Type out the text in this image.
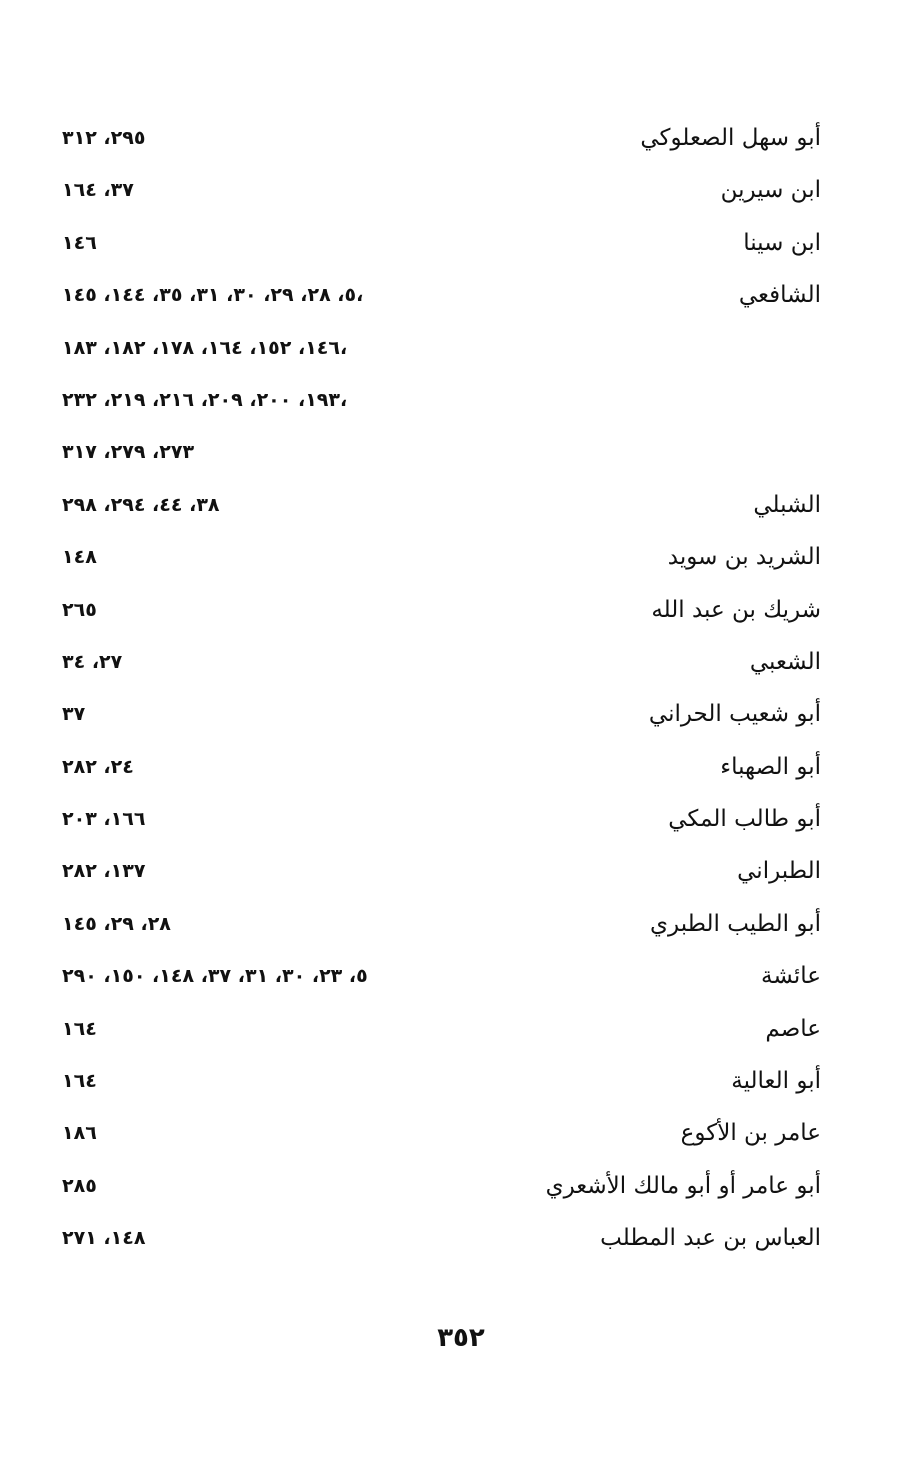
أبو سهل الصعلوكي
٢٩٥، ٣١٢
ابن سيرين
٣٧، ١٦٤
ابن سينا
١٤٦
الشافعي
٥، ٢٨، ٢٩، ٣٠، ٣١، ٣٥، ١٤٤، ١٤٥،
١٤٦، ١٥٢، ١٦٤، ١٧٨، ١٨٢، ١٨٣،
١٩٣، ٢٠٠، ٢٠٩، ٢١٦، ٢١٩، ٢٣٢،
٢٧٣، ٢٧٩، ٣١٧
الشبلي
٣٨، ٤٤، ٢٩٤، ٢٩٨
الشريد بن سويد
١٤٨
شريك بن عبد الله
٢٦٥
الشعبي
٢٧، ٣٤
أبو شعيب الحراني
٣٧
أبو الصهباء
٢٤، ٢٨٢
أبو طالب المكي
١٦٦، ٢٠٣
الطبراني
١٣٧، ٢٨٢
أبو الطيب الطبري
٢٨، ٢٩، ١٤٥
عائشة
٥، ٢٣، ٣٠، ٣١، ٣٧، ١٤٨، ١٥٠، ٢٩٠
عاصم
١٦٤
أبو العالية
١٦٤
عامر بن الأكوع
١٨٦
أبو عامر أو أبو مالك الأشعري
٢٨٥
العباس بن عبد المطلب
١٤٨، ٢٧١
٣٥٢
